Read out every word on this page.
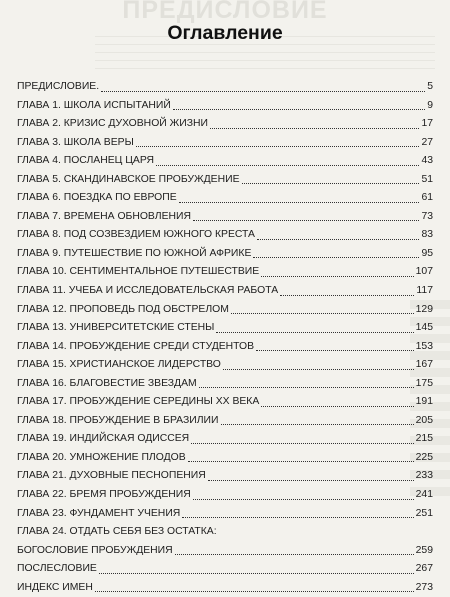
ПРЕДИСЛОВИЕ
Оглавление
ПРЕДИСЛОВИЕ.	5
ГЛАВА 1. ШКОЛА ИСПЫТАНИЙ	9
ГЛАВА 2. КРИЗИС ДУХОВНОЙ ЖИЗНИ	17
ГЛАВА 3. ШКОЛА ВЕРЫ	27
ГЛАВА 4. ПОСЛАНЕЦ ЦАРЯ	43
ГЛАВА 5. СКАНДИНАВСКОЕ ПРОБУЖДЕНИЕ	51
ГЛАВА 6. ПОЕЗДКА ПО ЕВРОПЕ	61
ГЛАВА 7. ВРЕМЕНА ОБНОВЛЕНИЯ	73
ГЛАВА 8. ПОД СОЗВЕЗДИЕМ ЮЖНОГО КРЕСТА	83
ГЛАВА 9. ПУТЕШЕСТВИЕ ПО ЮЖНОЙ АФРИКЕ	95
ГЛАВА 10. СЕНТИМЕНТАЛЬНОЕ ПУТЕШЕСТВИЕ	107
ГЛАВА 11. УЧЕБА И ИССЛЕДОВАТЕЛЬСКАЯ РАБОТА	117
ГЛАВА 12. ПРОПОВЕДЬ ПОД ОБСТРЕЛОМ	129
ГЛАВА 13. УНИВЕРСИТЕТСКИЕ СТЕНЫ	145
ГЛАВА 14. ПРОБУЖДЕНИЕ СРЕДИ СТУДЕНТОВ	153
ГЛАВА 15. ХРИСТИАНСКОЕ ЛИДЕРСТВО	167
ГЛАВА 16. БЛАГОВЕСТИЕ ЗВЕЗДАМ	175
ГЛАВА 17. ПРОБУЖДЕНИЕ СЕРЕДИНЫ XX ВЕКА	191
ГЛАВА 18. ПРОБУЖДЕНИЕ В БРАЗИЛИИ	205
ГЛАВА 19. ИНДИЙСКАЯ ОДИССЕЯ	215
ГЛАВА 20. УМНОЖЕНИЕ ПЛОДОВ	225
ГЛАВА 21. ДУХОВНЫЕ ПЕСНОПЕНИЯ	233
ГЛАВА 22. БРЕМЯ ПРОБУЖДЕНИЯ	241
ГЛАВА 23. ФУНДАМЕНТ УЧЕНИЯ	251
ГЛАВА 24. ОТДАТЬ СЕБЯ БЕЗ ОСТАТКА:
БОГОСЛОВИЕ ПРОБУЖДЕНИЯ	259
ПОСЛЕСЛОВИЕ	267
ИНДЕКС ИМЕН	273
